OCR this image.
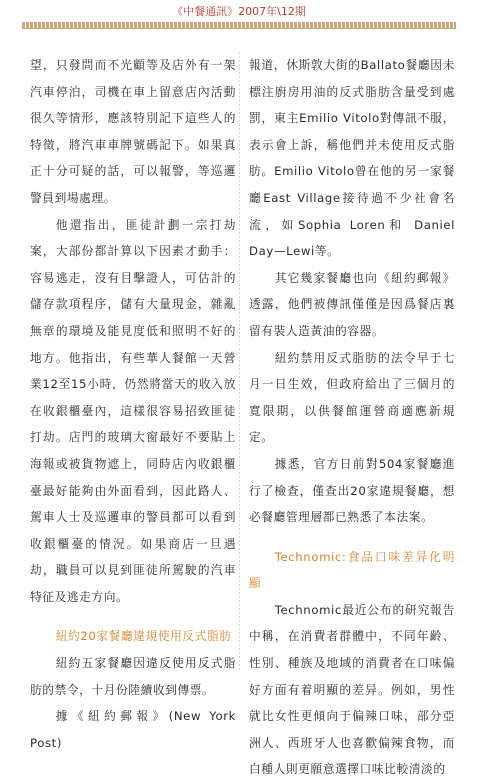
《中餐通訊》2007年\12期

望，只發問而不光顧等及店外有一架汽車停泊，司機在車上留意店內活動很久等情形，應該特別記下這些人的特徵，將汽車車牌號碼記下。如果真正十分可疑的話，可以報警，等巡邏警員到場處理。

他還指出，匪徒計劃一宗打劫案，大部份都計算以下因素才動手：容易逃走，沒有目擊證人，可估計的儲存款項程序，儲有大量現金，雜亂無章的環境及能見度低和照明不好的地方。他指出，有些華人餐館一天營業12至15小時，仍然將當天的收入放在收銀櫃臺內，這樣很容易招致匪徒打劫。店門的玻璃大窗最好不要貼上海報或被貨物遮上，同時店內收銀櫃臺最好能夠由外面看到，因此路人、駕車人士及巡邏車的警員都可以看到收銀櫃臺的情況。如果商店一旦遇劫，職員可以見到匪徒所駕駛的汽車特征及逃走方向。

紐約20家餐廳違規使用反式脂肪

紐約五家餐廳因違反使用反式脂肪的禁令，十月份陸續收到傳票。

據《紐約郵報》(New York Post)

報道，休斯敦大街的Ballato餐廳因未標注廚房用油的反式脂肪含量受到處罰，東主Emilio Vitolo對傳訊不服，表示會上訴，稱他們并未使用反式脂肪。Emilio Vitolo曾在他的另一家餐廳East Village接待過不少社會名流，如Sophia Loren和 Daniel Day—Lewi等。

其它幾家餐廳也向《紐約郵報》透露，他們被傳訊僅僅是因爲餐店裏留有裝人造黃油的容器。

紐約禁用反式脂肪的法令早于七月一日生效，但政府給出了三個月的寬限期，以供餐館運營商適應新規定。

據悉，官方日前對504家餐廳進行了檢查，僅查出20家違規餐廳，想必餐廳管理層都已熟悉了本法案。

Technomic:食品口味差异化明顯

Technomic最近公布的研究報告中稱，在消費者群體中，不同年齡、性別、種族及地域的消費者在口味偏好方面有着明顯的差异。例如，男性就比女性更傾向于偏辣口味，部分亞洲人、西班牙人也喜歡偏辣食物，而白種人則更願意選擇口味比較清淡的
